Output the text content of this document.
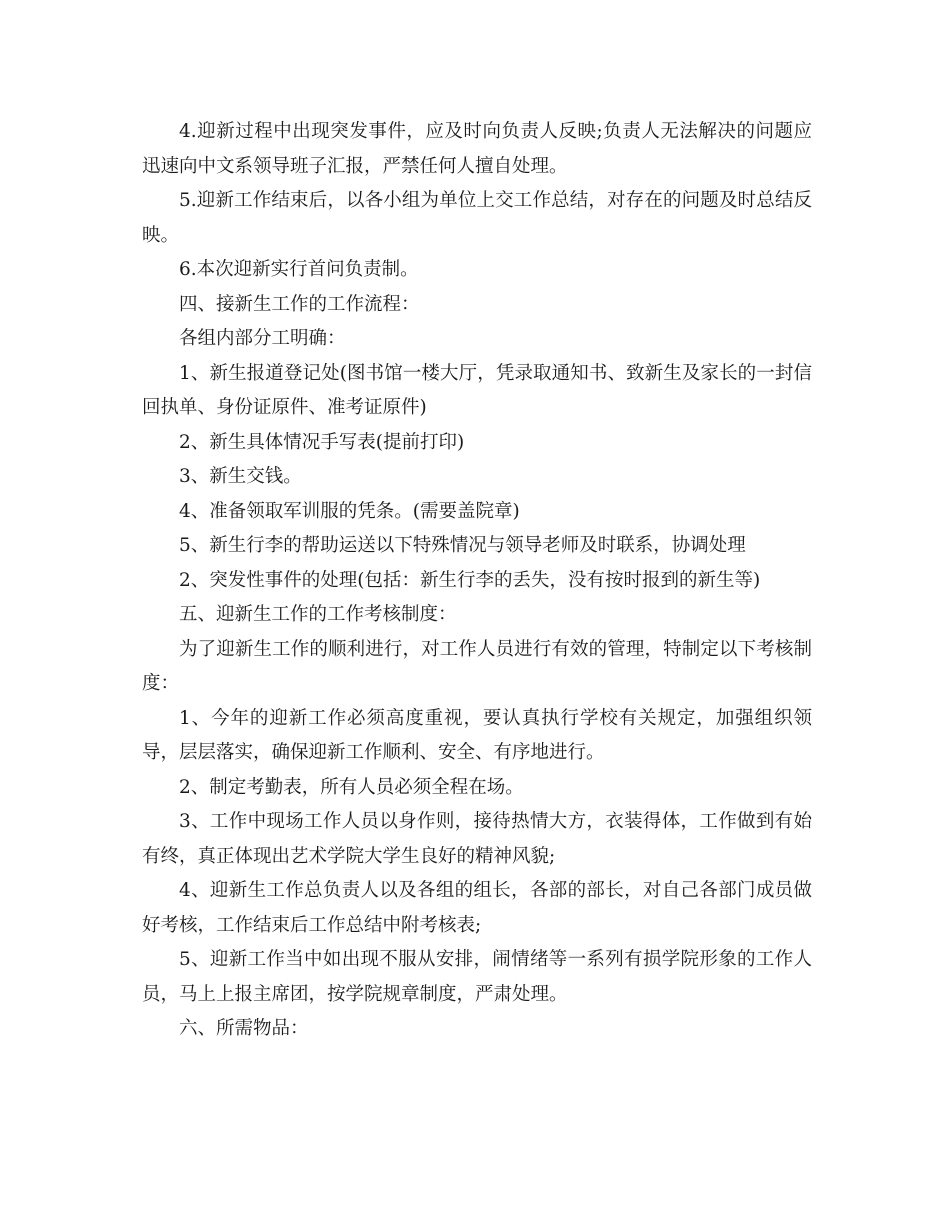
4.迎新过程中出现突发事件，应及时向负责人反映;负责人无法解决的问题应迅速向中文系领导班子汇报，严禁任何人擅自处理。

5.迎新工作结束后，以各小组为单位上交工作总结，对存在的问题及时总结反映。

6.本次迎新实行首问负责制。

四、接新生工作的工作流程：

各组内部分工明确：

1、新生报道登记处(图书馆一楼大厅，凭录取通知书、致新生及家长的一封信回执单、身份证原件、准考证原件)

2、新生具体情况手写表(提前打印)

3、新生交钱。

4、准备领取军训服的凭条。(需要盖院章)

5、新生行李的帮助运送以下特殊情况与领导老师及时联系，协调处理

2、突发性事件的处理(包括：新生行李的丢失，没有按时报到的新生等)

五、迎新生工作的工作考核制度：

为了迎新生工作的顺利进行，对工作人员进行有效的管理，特制定以下考核制度：

1、今年的迎新工作必须高度重视，要认真执行学校有关规定，加强组织领导，层层落实，确保迎新工作顺利、安全、有序地进行。

2、制定考勤表，所有人员必须全程在场。

3、工作中现场工作人员以身作则，接待热情大方，衣装得体，工作做到有始有终，真正体现出艺术学院大学生良好的精神风貌;

4、迎新生工作总负责人以及各组的组长，各部的部长，对自己各部门成员做好考核，工作结束后工作总结中附考核表;

5、迎新工作当中如出现不服从安排，闹情绪等一系列有损学院形象的工作人员，马上上报主席团，按学院规章制度，严肃处理。

六、所需物品：
